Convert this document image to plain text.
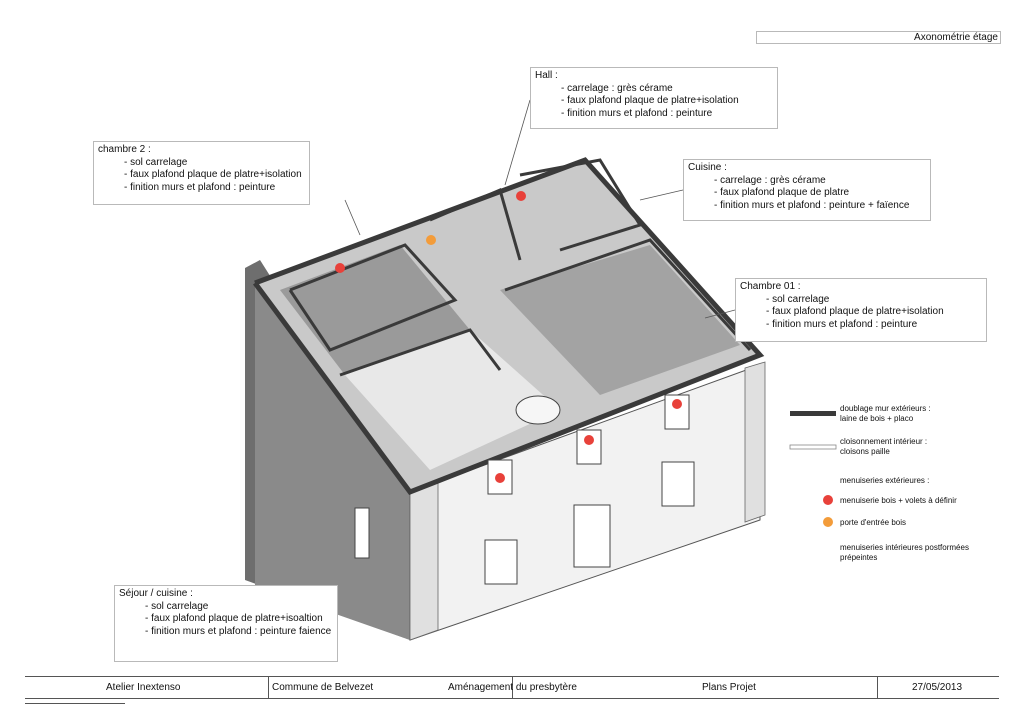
Axonométrie étage
Hall :
- carrelage : grès cérame
- faux plafond plaque de platre+isolation
- finition murs et plafond : peinture
chambre 2 :
- sol carrelage
- faux plafond plaque de platre+isolation
- finition murs et plafond : peinture
Cuisine :
- carrelage : grès cérame
- faux plafond plaque de platre
- finition murs et plafond : peinture + faïence
Chambre 01 :
- sol carrelage
- faux plafond plaque de platre+isolation
- finition murs et plafond : peinture
Séjour / cuisine :
- sol carrelage
- faux plafond plaque de platre+isoaltion
- finition murs et plafond : peinture faience
doublage mur extérieurs : laine de bois + placo
cloisonnement intérieur : cloisons paille
menuiseries extérieures :
menuiserie bois + volets à définir
porte d'entrée bois
menuiseries intérieures postformées prépeintes
Atelier Inextenso	Commune de Belvezet	Aménagement du presbytère	Plans Projet	27/05/2013
